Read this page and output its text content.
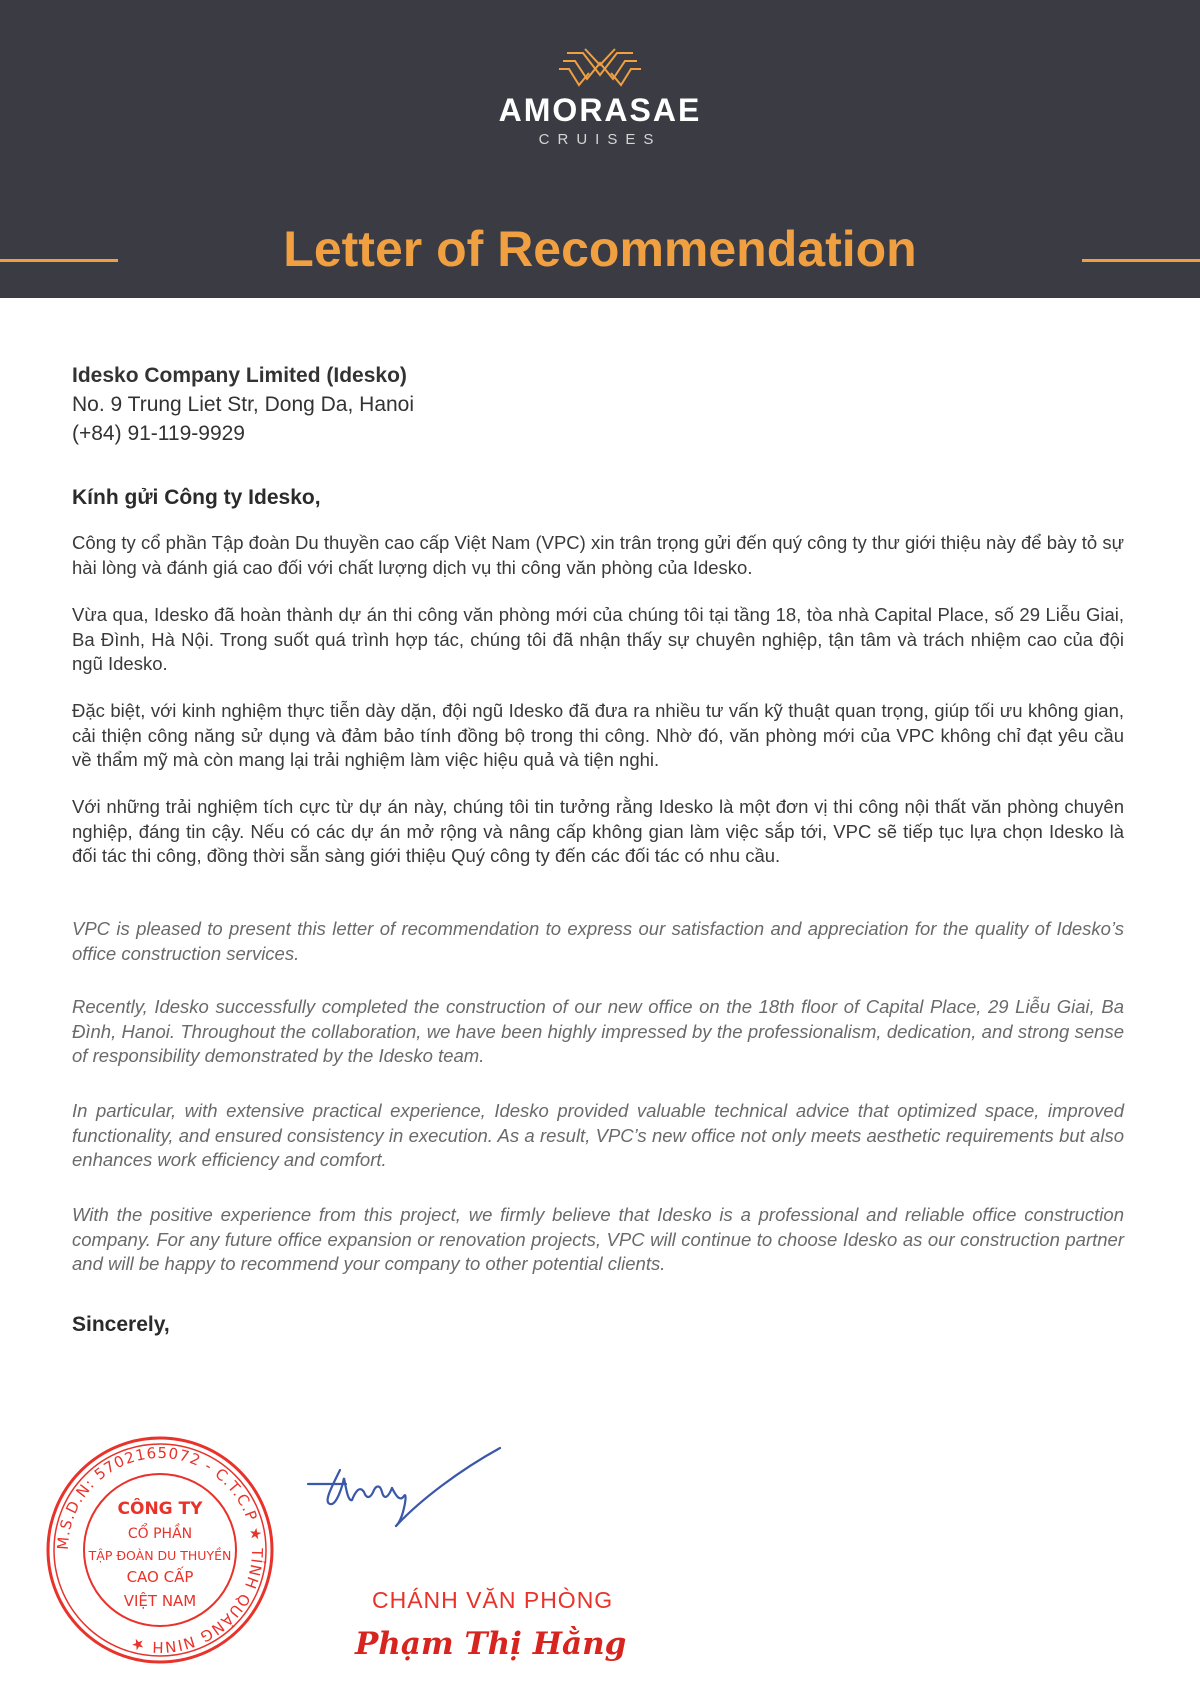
AMORASAE
CRUISES
Letter of Recommendation
Idesko Company Limited (Idesko)
No. 9 Trung Liet Str, Dong Da, Hanoi
(+84) 91-119-9929
Kính gửi Công ty Idesko,

Công ty cổ phần Tập đoàn Du thuyền cao cấp Việt Nam (VPC) xin trân trọng gửi đến quý công ty thư giới thiệu này để bày tỏ sự hài lòng và đánh giá cao đối với chất lượng dịch vụ thi công văn phòng của Idesko.

Vừa qua, Idesko đã hoàn thành dự án thi công văn phòng mới của chúng tôi tại tầng 18, tòa nhà Capital Place, số 29 Liễu Giai, Ba Đình, Hà Nội. Trong suốt quá trình hợp tác, chúng tôi đã nhận thấy sự chuyên nghiệp, tận tâm và trách nhiệm cao của đội ngũ Idesko.

Đặc biệt, với kinh nghiệm thực tiễn dày dặn, đội ngũ Idesko đã đưa ra nhiều tư vấn kỹ thuật quan trọng, giúp tối ưu không gian, cải thiện công năng sử dụng và đảm bảo tính đồng bộ trong thi công. Nhờ đó, văn phòng mới của VPC không chỉ đạt yêu cầu về thẩm mỹ mà còn mang lại trải nghiệm làm việc hiệu quả và tiện nghi.

Với những trải nghiệm tích cực từ dự án này, chúng tôi tin tưởng rằng Idesko là một đơn vị thi công nội thất văn phòng chuyên nghiệp, đáng tin cậy. Nếu có các dự án mở rộng và nâng cấp không gian làm việc sắp tới, VPC sẽ tiếp tục lựa chọn Idesko là đối tác thi công, đồng thời sẵn sàng giới thiệu Quý công ty đến các đối tác có nhu cầu.

VPC is pleased to present this letter of recommendation to express our satisfaction and appreciation for the quality of Idesko’s office construction services.

Recently, Idesko successfully completed the construction of our new office on the 18th floor of Capital Place, 29 Liễu Giai, Ba Đình, Hanoi. Throughout the collaboration, we have been highly impressed by the professionalism, dedication, and strong sense of responsibility demonstrated by the Idesko team.

In particular, with extensive practical experience, Idesko provided valuable technical advice that optimized space, improved functionality, and ensured consistency in execution. As a result, VPC’s new office not only meets aesthetic requirements but also enhances work efficiency and comfort.

With the positive experience from this project, we firmly believe that Idesko is a professional and reliable office construction company. For any future office expansion or renovation projects, VPC will continue to choose Idesko as our construction partner and will be happy to recommend your company to other potential clients.

Sincerely,
M.S.D.N: 5702165072 - C.T.C.P ★ TỈNH QUẢNG NINH ★
CÔNG TY
CỔ PHẦN
TẬP ĐOÀN DU THUYỀN
CAO CẤP
VIỆT NAM	CHÁNH VĂN PHÒNG
Phạm Thị Hằng
